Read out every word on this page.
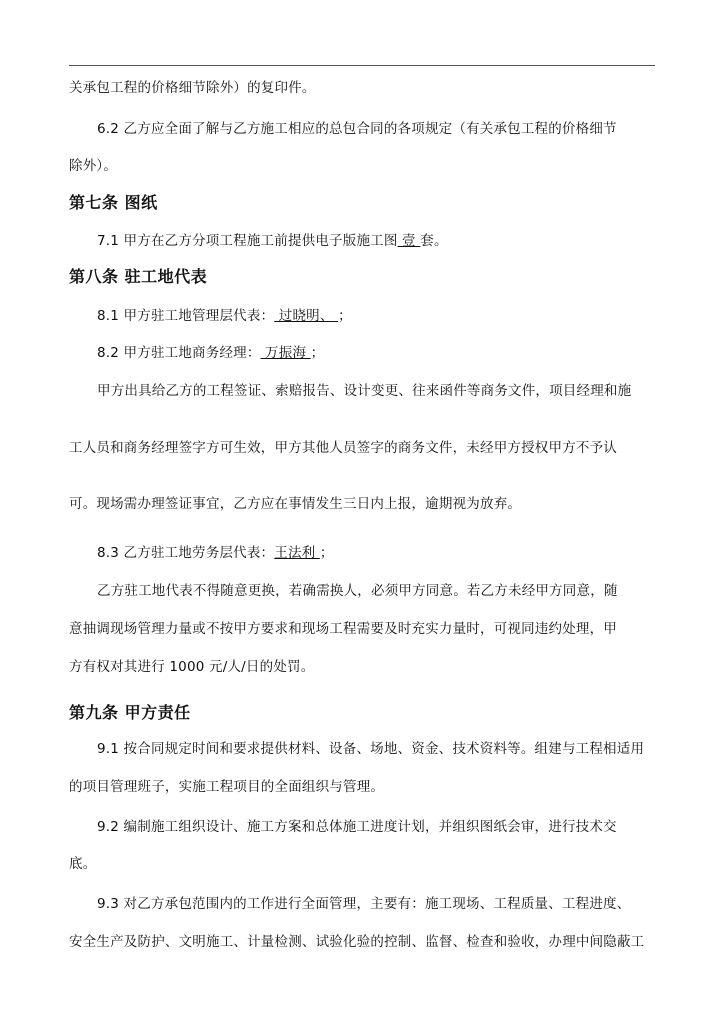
关承包工程的价格细节除外）的复印件。

6.2 乙方应全面了解与乙方施工相应的总包合同的各项规定（有关承包工程的价格细节

除外）。

第七条 图纸

7.1 甲方在乙方分项工程施工前提供电子版施工图 壹 套。

第八条 驻工地代表

8.1 甲方驻工地管理层代表： 过晓明、 ；

8.2 甲方驻工地商务经理： 万振海 ；

甲方出具给乙方的工程签证、索赔报告、设计变更、往来函件等商务文件，项目经理和施

工人员和商务经理签字方可生效，甲方其他人员签字的商务文件，未经甲方授权甲方不予认

可。现场需办理签证事宜，乙方应在事情发生三日内上报，逾期视为放弃。

8.3 乙方驻工地劳务层代表：王法利 ；

乙方驻工地代表不得随意更换，若确需换人，必须甲方同意。若乙方未经甲方同意，随

意抽调现场管理力量或不按甲方要求和现场工程需要及时充实力量时，可视同违约处理，甲

方有权对其进行 1000 元/人/日的处罚。

第九条 甲方责任

9.1 按合同规定时间和要求提供材料、设备、场地、资金、技术资料等。组建与工程相适用

的项目管理班子，实施工程项目的全面组织与管理。

9.2 编制施工组织设计、施工方案和总体施工进度计划，并组织图纸会审，进行技术交

底。

9.3 对乙方承包范围内的工作进行全面管理，主要有：施工现场、工程质量、工程进度、

安全生产及防护、文明施工、计量检测、试验化验的控制、监督、检查和验收，办理中间隐蔽工
